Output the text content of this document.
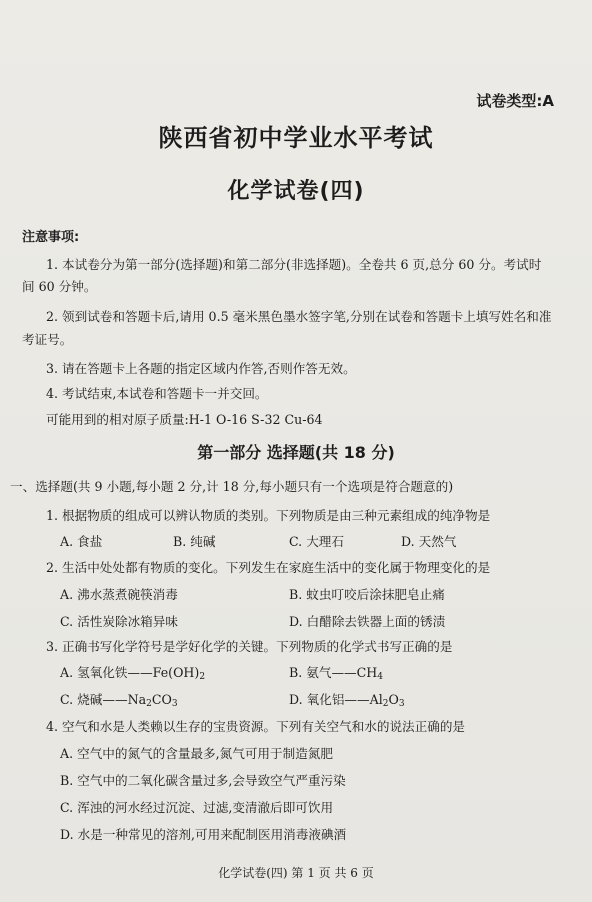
试卷类型:A
陕西省初中学业水平考试
化学试卷(四)
注意事项:
1. 本试卷分为第一部分(选择题)和第二部分(非选择题)。全卷共 6 页,总分 60 分。考试时
间 60 分钟。
2. 领到试卷和答题卡后,请用 0.5 毫米黑色墨水签字笔,分别在试卷和答题卡上填写姓名和准
考证号。
3. 请在答题卡上各题的指定区域内作答,否则作答无效。
4. 考试结束,本试卷和答题卡一并交回。
可能用到的相对原子质量:H-1 O-16 S-32 Cu-64
第一部分 选择题(共 18 分)
一、选择题(共 9 小题,每小题 2 分,计 18 分,每小题只有一个选项是符合题意的)
1. 根据物质的组成可以辨认物质的类别。下列物质是由三种元素组成的纯净物是
A. 食盐	B. 纯碱	C. 大理石	D. 天然气
2. 生活中处处都有物质的变化。下列发生在家庭生活中的变化属于物理变化的是
A. 沸水蒸煮碗筷消毒	B. 蚊虫叮咬后涂抹肥皂止痛
C. 活性炭除冰箱异味	D. 白醋除去铁器上面的锈渍
3. 正确书写化学符号是学好化学的关键。下列物质的化学式书写正确的是
A. 氢氧化铁$——Fe(OH)_2$	B. 氨气$——CH_4$
C. 烧碱$——Na_2CO_3$	D. 氧化铝$——Al_2O_3$
4. 空气和水是人类赖以生存的宝贵资源。下列有关空气和水的说法正确的是
A. 空气中的氮气的含量最多,氮气可用于制造氮肥
B. 空气中的二氧化碳含量过多,会导致空气严重污染
C. 浑浊的河水经过沉淀、过滤,变清澈后即可饮用
D. 水是一种常见的溶剂,可用来配制医用消毒液碘酒
化学试卷(四) 第 1 页 共 6 页
